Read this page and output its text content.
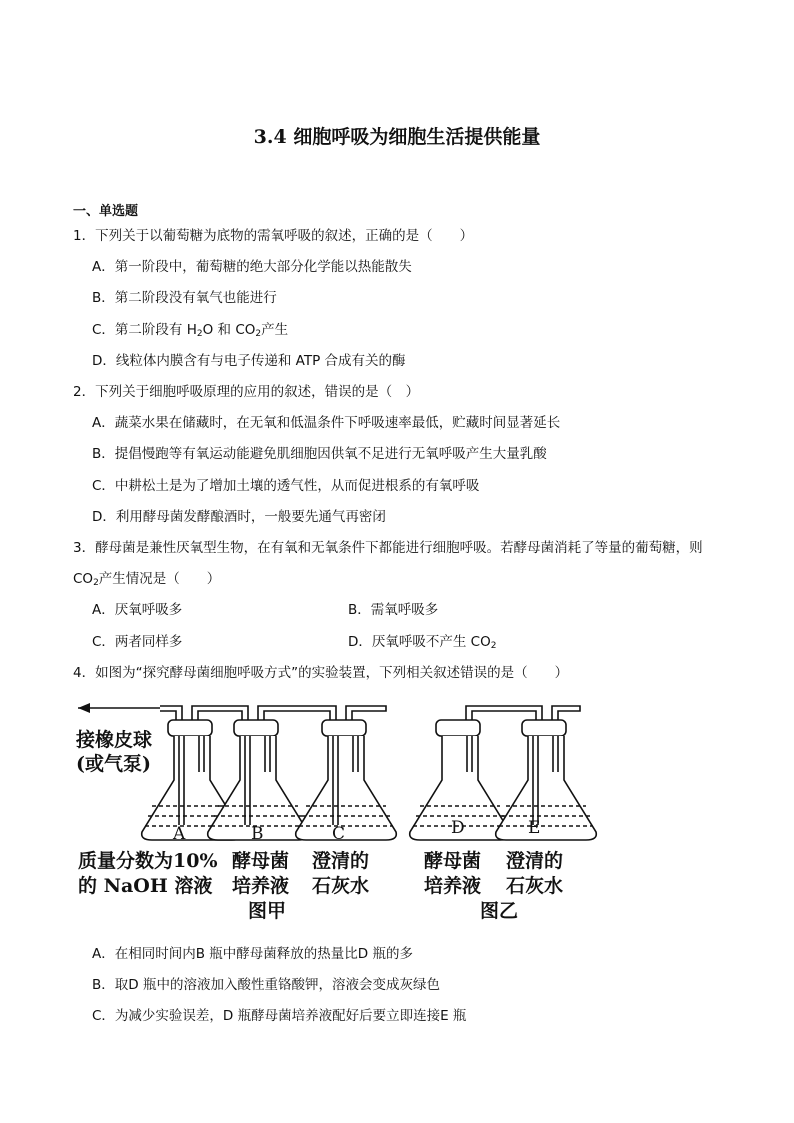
3.4 细胞呼吸为细胞生活提供能量
一、单选题
1．下列关于以葡萄糖为底物的需氧呼吸的叙述，正确的是（　　）
A．第一阶段中，葡萄糖的绝大部分化学能以热能散失
B．第二阶段没有氧气也能进行
C．第二阶段有 $H_2O$ 和 $CO_2$产生
D．线粒体内膜含有与电子传递和 ATP 合成有关的酶
2．下列关于细胞呼吸原理的应用的叙述，错误的是（　）
A．蔬菜水果在储藏时，在无氧和低温条件下呼吸速率最低，贮藏时间显著延长
B．提倡慢跑等有氧运动能避免肌细胞因供氧不足进行无氧呼吸产生大量乳酸
C．中耕松土是为了增加土壤的透气性，从而促进根系的有氧呼吸
D．利用酵母菌发酵酿酒时，一般要先通气再密闭
3．酵母菌是兼性厌氧型生物，在有氧和无氧条件下都能进行细胞呼吸。若酵母菌消耗了等量的葡萄糖，则
$CO_2$产生情况是（　　）
A．厌氧呼吸多	B．需氧呼吸多
C．两者同样多	D．厌氧呼吸不产生 $CO_2$
4．如图为“探究酵母菌细胞呼吸方式”的实验装置，下列相关叙述错误的是（　　）
接橡皮球
(或气泵)
A	B	C	D	E
质量分数为10%
的 NaOH 溶液
酵母菌
培养液
澄清的
石灰水
图甲
酵母菌
培养液
澄清的
石灰水
图乙
A．在相同时间内B 瓶中酵母菌释放的热量比D 瓶的多
B．取D 瓶中的溶液加入酸性重铬酸钾，溶液会变成灰绿色
C．为减少实验误差，D 瓶酵母菌培养液配好后要立即连接E 瓶
